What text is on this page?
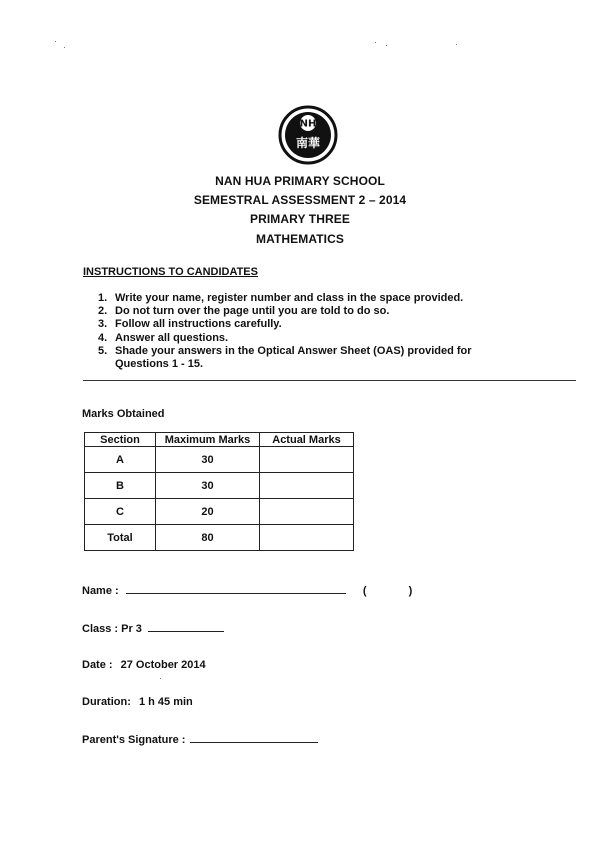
NH
南華
NAN HUA PRIMARY SCHOOL
SEMESTRAL ASSESSMENT 2 – 2014
PRIMARY THREE
MATHEMATICS
INSTRUCTIONS TO CANDIDATES
1. Write your name, register number and class in the space provided.
2. Do not turn over the page until you are told to do so.
3. Follow all instructions carefully.
4. Answer all questions.
5. Shade your answers in the Optical Answer Sheet (OAS) provided for Questions 1 - 15.
Marks Obtained
Section	Maximum Marks	Actual Marks
A	30	
B	30	
C	20	
Total	80	
Name :	(	)
Class : Pr 3
Date : 27 October 2014
Duration: 1 h 45 min
Parent's Signature :
